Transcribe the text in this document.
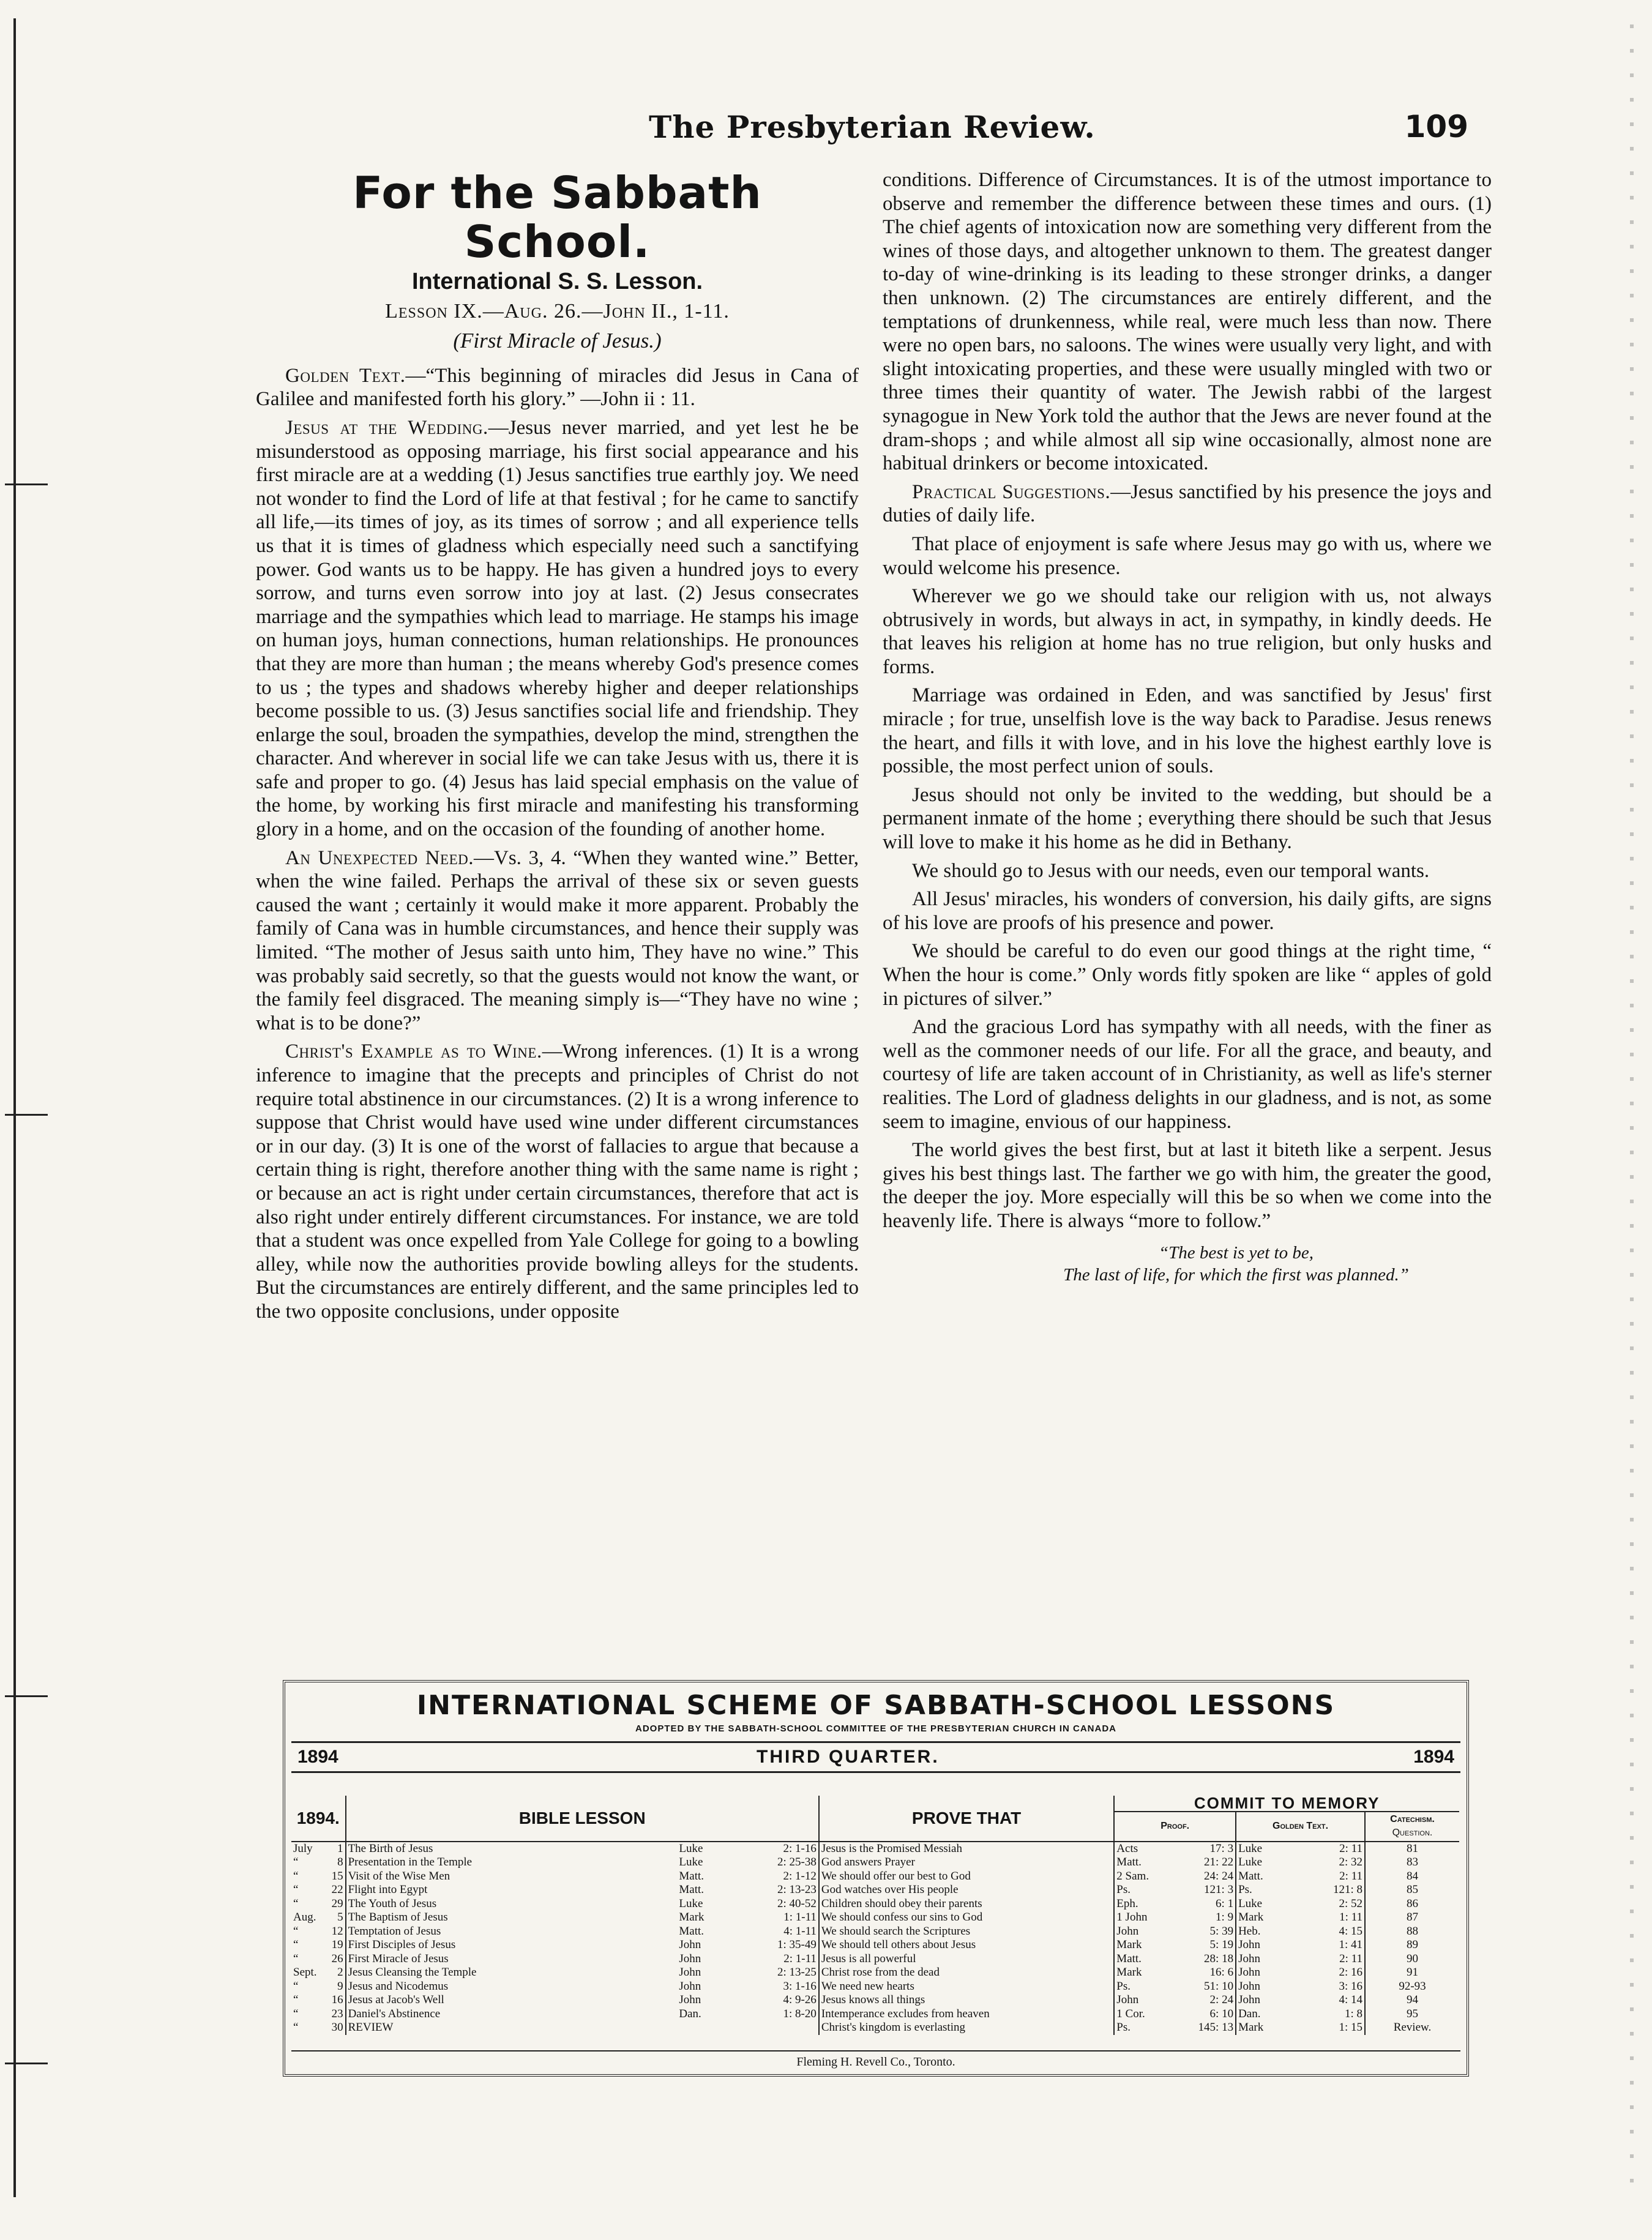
The Presbyterian Review.	109
For the Sabbath School.
International S. S. Lesson.
Lesson IX.—Aug. 26.—John II., 1-11.
(First Miracle of Jesus.)

Golden Text.—“This beginning of miracles did Jesus in Cana of Galilee and manifested forth his glory.” —John ii : 11.

Jesus at the Wedding.—Jesus never married, and yet lest he be misunderstood as opposing marriage, his first social appearance and his first miracle are at a wedding (1) Jesus sanctifies true earthly joy. We need not wonder to find the Lord of life at that festival ; for he came to sanctify all life,—its times of joy, as its times of sorrow ; and all experience tells us that it is times of gladness which especially need such a sanctifying power. God wants us to be happy. He has given a hundred joys to every sorrow, and turns even sorrow into joy at last. (2) Jesus consecrates marriage and the sympathies which lead to marriage. He stamps his image on human joys, human connections, human relationships. He pronounces that they are more than human ; the means whereby God's presence comes to us ; the types and shadows whereby higher and deeper relationships become possible to us. (3) Jesus sanctifies social life and friendship. They enlarge the soul, broaden the sympathies, develop the mind, strengthen the character. And wherever in social life we can take Jesus with us, there it is safe and proper to go. (4) Jesus has laid special emphasis on the value of the home, by working his first miracle and manifesting his transforming glory in a home, and on the occasion of the founding of another home.

An Unexpected Need.—Vs. 3, 4. “When they wanted wine.” Better, when the wine failed. Perhaps the arrival of these six or seven guests caused the want ; certainly it would make it more apparent. Probably the family of Cana was in humble circumstances, and hence their supply was limited. “The mother of Jesus saith unto him, They have no wine.” This was probably said secretly, so that the guests would not know the want, or the family feel disgraced. The meaning simply is—“They have no wine ; what is to be done?”

Christ's Example as to Wine.—Wrong inferences. (1) It is a wrong inference to imagine that the precepts and principles of Christ do not require total abstinence in our circumstances. (2) It is a wrong inference to suppose that Christ would have used wine under different circumstances or in our day. (3) It is one of the worst of fallacies to argue that because a certain thing is right, therefore another thing with the same name is right ; or because an act is right under certain circumstances, therefore that act is also right under entirely different circumstances. For instance, we are told that a student was once expelled from Yale College for going to a bowling alley, while now the authorities provide bowling alleys for the students. But the circumstances are entirely different, and the same principles led to the two opposite conclusions, under opposite

conditions. Difference of Circumstances. It is of the utmost importance to observe and remember the difference between these times and ours. (1) The chief agents of intoxication now are something very different from the wines of those days, and altogether unknown to them. The greatest danger to-day of wine-drinking is its leading to these stronger drinks, a danger then unknown. (2) The circumstances are entirely different, and the temptations of drunkenness, while real, were much less than now. There were no open bars, no saloons. The wines were usually very light, and with slight intoxicating properties, and these were usually mingled with two or three times their quantity of water. The Jewish rabbi of the largest synagogue in New York told the author that the Jews are never found at the dram-shops ; and while almost all sip wine occasionally, almost none are habitual drinkers or become intoxicated.

Practical Suggestions.—Jesus sanctified by his presence the joys and duties of daily life.

That place of enjoyment is safe where Jesus may go with us, where we would welcome his presence.

Wherever we go we should take our religion with us, not always obtrusively in words, but always in act, in sympathy, in kindly deeds. He that leaves his religion at home has no true religion, but only husks and forms.

Marriage was ordained in Eden, and was sanctified by Jesus' first miracle ; for true, unselfish love is the way back to Paradise. Jesus renews the heart, and fills it with love, and in his love the highest earthly love is possible, the most perfect union of souls.

Jesus should not only be invited to the wedding, but should be a permanent inmate of the home ; everything there should be such that Jesus will love to make it his home as he did in Bethany.

We should go to Jesus with our needs, even our temporal wants.

All Jesus' miracles, his wonders of conversion, his daily gifts, are signs of his love are proofs of his presence and power.

We should be careful to do even our good things at the right time, “ When the hour is come.” Only words fitly spoken are like “ apples of gold in pictures of silver.”

And the gracious Lord has sympathy with all needs, with the finer as well as the commoner needs of our life. For all the grace, and beauty, and courtesy of life are taken account of in Christianity, as well as life's sterner realities. The Lord of gladness delights in our gladness, and is not, as some seem to imagine, envious of our happiness.

The world gives the best first, but at last it biteth like a serpent. Jesus gives his best things last. The farther we go with him, the greater the good, the deeper the joy. More especially will this be so when we come into the heavenly life. There is always “more to follow.”

“The best is yet to be,
The last of life, for which the first was planned.”
INTERNATIONAL SCHEME OF SABBATH-SCHOOL LESSONS
ADOPTED BY THE SABBATH-SCHOOL COMMITTEE OF THE PRESBYTERIAN CHURCH IN CANADA
1894	THIRD QUARTER.	1894
1894.		BIBLE LESSON			PROVE THAT	COMMIT TO MEMORY				
						Proof.		Golden Text.		Catechism.
Question.
July	1	The Birth of Jesus	Luke	2: 1-16	Jesus is the Promised Messiah	Acts	17: 3	Luke	2: 11	81
“	8	Presentation in the Temple	Luke	2: 25-38	God answers Prayer	Matt.	21: 22	Luke	2: 32	83
“	15	Visit of the Wise Men	Matt.	2: 1-12	We should offer our best to God	2 Sam.	24: 24	Matt.	2: 11	84
“	22	Flight into Egypt	Matt.	2: 13-23	God watches over His people	Ps.	121: 3	Ps.	121: 8	85
“	29	The Youth of Jesus	Luke	2: 40-52	Children should obey their parents	Eph.	6: 1	Luke	2: 52	86
Aug.	5	The Baptism of Jesus	Mark	1: 1-11	We should confess our sins to God	1 John	1: 9	Mark	1: 11	87
“	12	Temptation of Jesus	Matt.	4: 1-11	We should search the Scriptures	John	5: 39	Heb.	4: 15	88
“	19	First Disciples of Jesus	John	1: 35-49	We should tell others about Jesus	Mark	5: 19	John	1: 41	89
“	26	First Miracle of Jesus	John	2: 1-11	Jesus is all powerful	Matt.	28: 18	John	2: 11	90
Sept.	2	Jesus Cleansing the Temple	John	2: 13-25	Christ rose from the dead	Mark	16: 6	John	2: 16	91
“	9	Jesus and Nicodemus	John	3: 1-16	We need new hearts	Ps.	51: 10	John	3: 16	92-93
“	16	Jesus at Jacob's Well	John	4: 9-26	Jesus knows all things	John	2: 24	John	4: 14	94
“	23	Daniel's Abstinence	Dan.	1: 8-20	Intemperance excludes from heaven	1 Cor.	6: 10	Dan.	1: 8	95
“	30	REVIEW			Christ's kingdom is everlasting	Ps.	145: 13	Mark	1: 15	Review.
Fleming H. Revell Co., Toronto.
